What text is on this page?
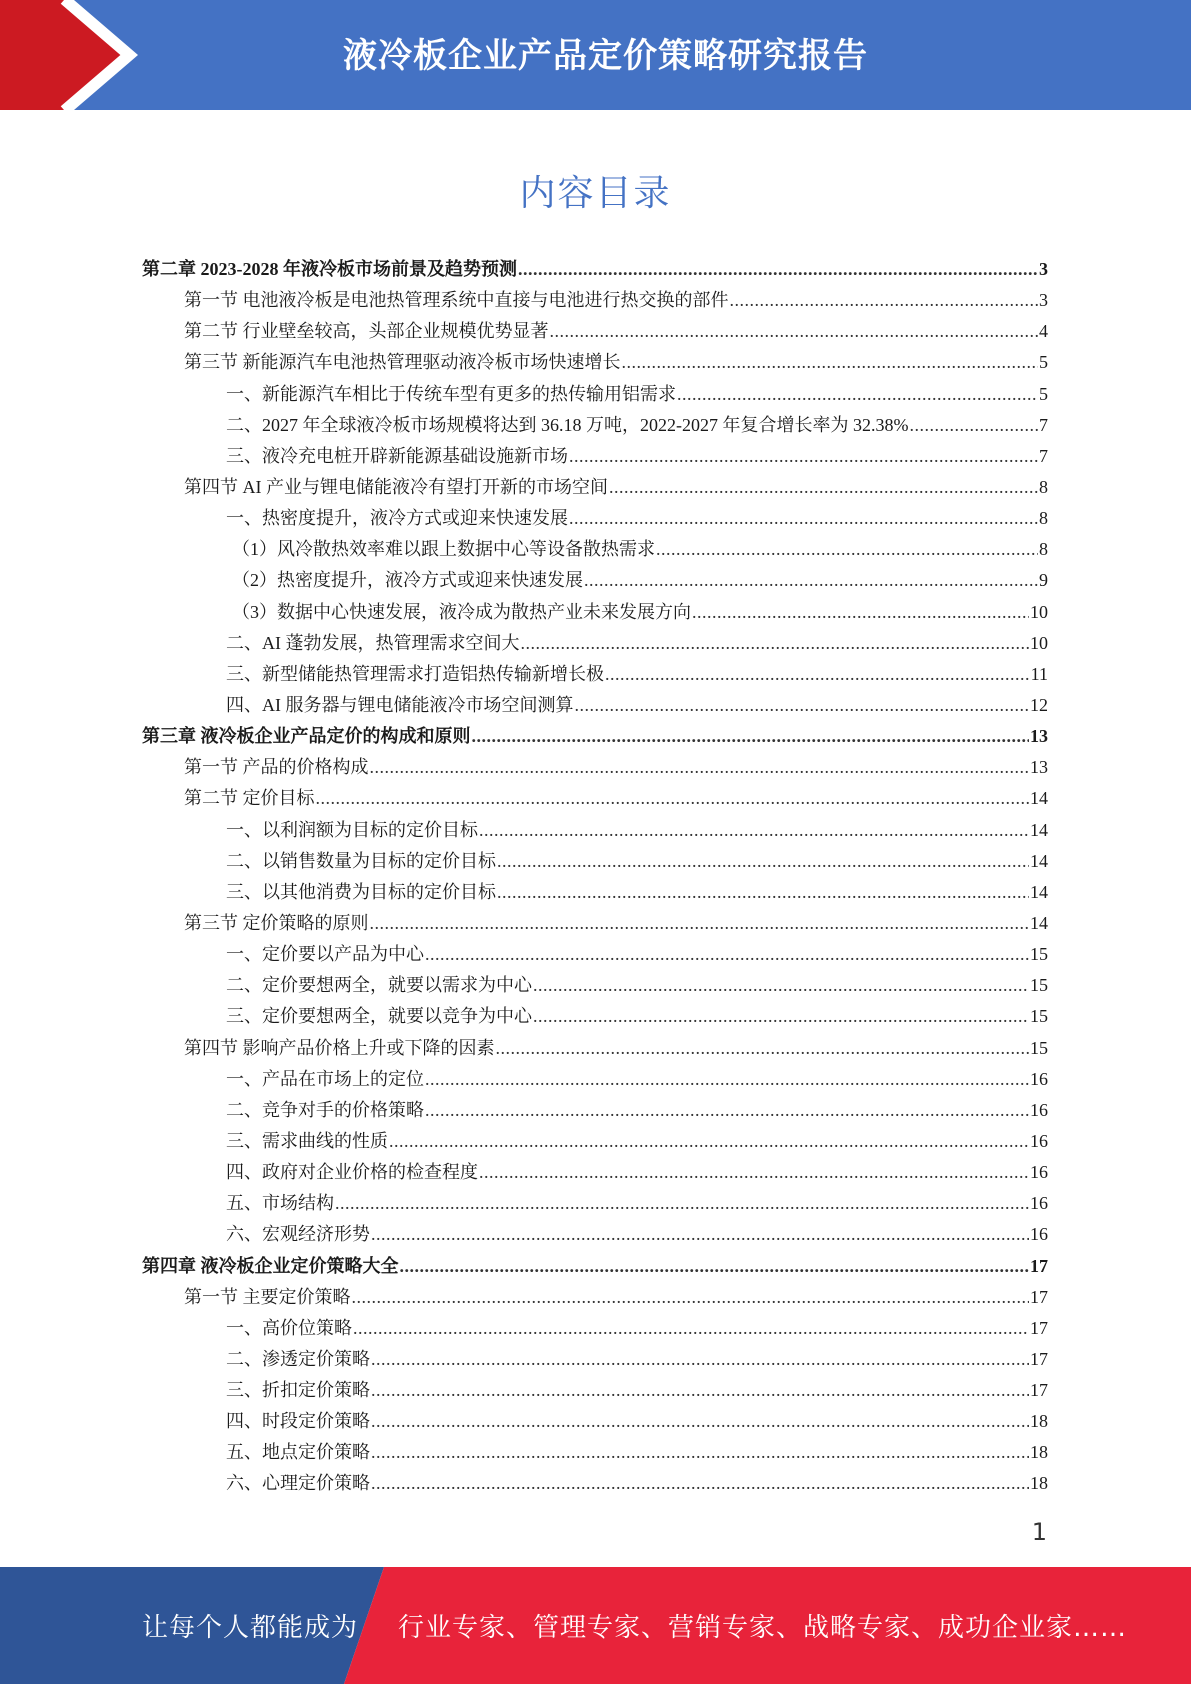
液冷板企业产品定价策略研究报告
内容目录
第二章 2023-2028 年液冷板市场前景及趋势预测 .....	3
第一节 电池液冷板是电池热管理系统中直接与电池进行热交换的部件 .....	3
第二节 行业壁垒较高，头部企业规模优势显著 .....	4
第三节 新能源汽车电池热管理驱动液冷板市场快速增长 .....	5
一、新能源汽车相比于传统车型有更多的热传输用铝需求 .....	5
二、2027 年全球液冷板市场规模将达到 36.18 万吨，2022-2027 年复合增长率为 32.38% .....	7
三、液冷充电桩开辟新能源基础设施新市场 .....	7
第四节 AI 产业与锂电储能液冷有望打开新的市场空间 .....	8
一、热密度提升，液冷方式或迎来快速发展 .....	8
（1）风冷散热效率难以跟上数据中心等设备散热需求 .....	8
（2）热密度提升，液冷方式或迎来快速发展 .....	9
（3）数据中心快速发展，液冷成为散热产业未来发展方向 .....	10
二、AI 蓬勃发展，热管理需求空间大 .....	10
三、新型储能热管理需求打造铝热传输新增长极 .....	11
四、AI 服务器与锂电储能液冷市场空间测算 .....	12
第三章 液冷板企业产品定价的构成和原则 .....	13
第一节 产品的价格构成 .....	13
第二节 定价目标 .....	14
一、以利润额为目标的定价目标 .....	14
二、以销售数量为目标的定价目标 .....	14
三、以其他消费为目标的定价目标 .....	14
第三节 定价策略的原则 .....	14
一、定价要以产品为中心 .....	15
二、定价要想两全，就要以需求为中心 .....	15
三、定价要想两全，就要以竞争为中心 .....	15
第四节 影响产品价格上升或下降的因素 .....	15
一、产品在市场上的定位 .....	16
二、竞争对手的价格策略 .....	16
三、需求曲线的性质 .....	16
四、政府对企业价格的检查程度 .....	16
五、市场结构 .....	16
六、宏观经济形势 .....	16
第四章 液冷板企业定价策略大全 .....	17
第一节 主要定价策略 .....	17
一、高价位策略 .....	17
二、渗透定价策略 .....	17
三、折扣定价策略 .....	17
四、时段定价策略 .....	18
五、地点定价策略 .....	18
六、心理定价策略 .....	18
1
让每个人都能成为 行业专家、管理专家、营销专家、战略专家、成功企业家……
